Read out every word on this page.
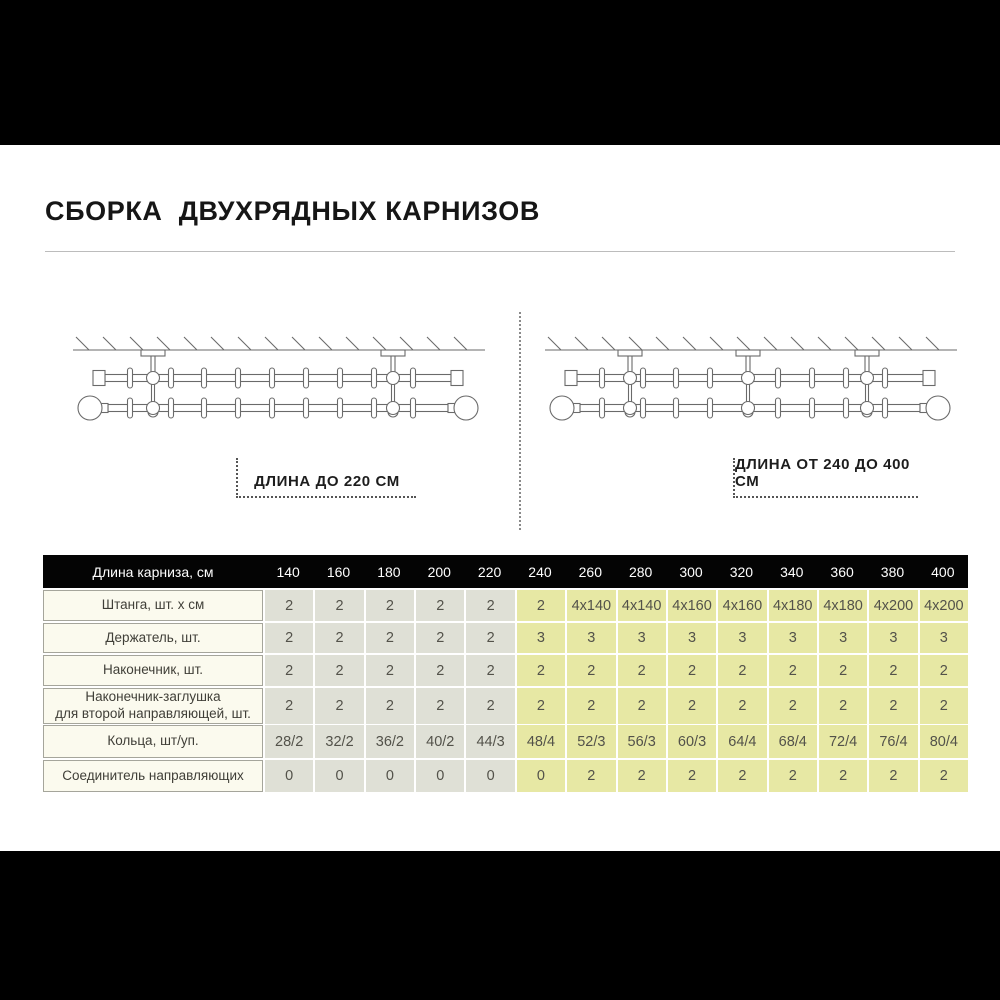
СБОРКА  ДВУХРЯДНЫХ КАРНИЗОВ
ДЛИНА ДО 220 СМ
ДЛИНА ОТ 240 ДО 400 СМ
Длина карниза, см	140	160	180	200	220	240	260	280	300	320	340	360	380	400
Штанга, шт. х см	2	2	2	2	2	2	4x140 4x140 4x160 4x160 4x180 4x180 4x200 4x200
Держатель, шт.	2	2	2	2	2	3	3	3	3	3	3	3	3	3
Наконечник, шт.	2	2	2	2	2	2	2	2	2	2	2	2	2	2
Наконечник-заглушка
для второй направляющей, шт.	2	2	2	2	2	2	2	2	2	2	2	2	2	2
Кольца, шт/уп.	28/2	32/2	36/2	40/2	44/3	48/4	52/3	56/3	60/3	64/4	68/4	72/4	76/4	80/4
Соединитель направляющих	0	0	0	0	0	0	2	2	2	2	2	2	2	2
